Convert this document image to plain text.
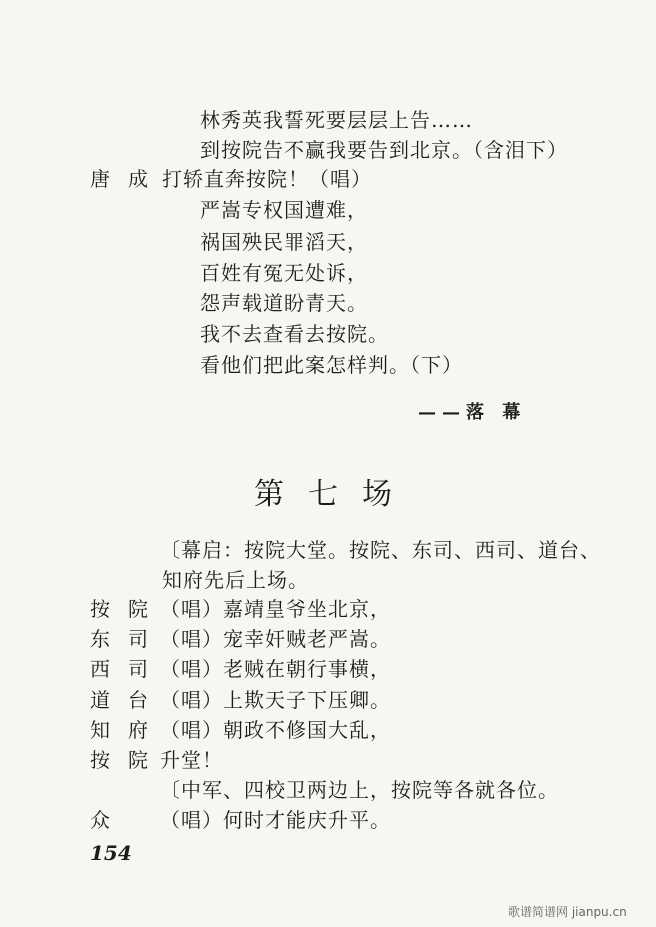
林秀英我誓死要层层上告……
到按院告不赢我要告到北京。（含泪下）
唐 成 打轿直奔按院！（唱）
严嵩专权国遭难，
祸国殃民罪滔天，
百姓有冤无处诉，
怨声载道盼青天。
我不去查看去按院。
看他们把此案怎样判。（下）
——落 幕
第七场
〔幕启：按院大堂。按院、东司、西司、道台、
知府先后上场。
按 院 （唱）嘉靖皇爷坐北京，
东 司 （唱）宠幸奸贼老严嵩。
西 司 （唱）老贼在朝行事横，
道 台 （唱）上欺天子下压卿。
知 府 （唱）朝政不修国大乱，
按 院 升堂！
〔中军、四校卫两边上，按院等各就各位。
众	（唱）何时才能庆升平。
154
歌谱简谱网 jianpu.cn
